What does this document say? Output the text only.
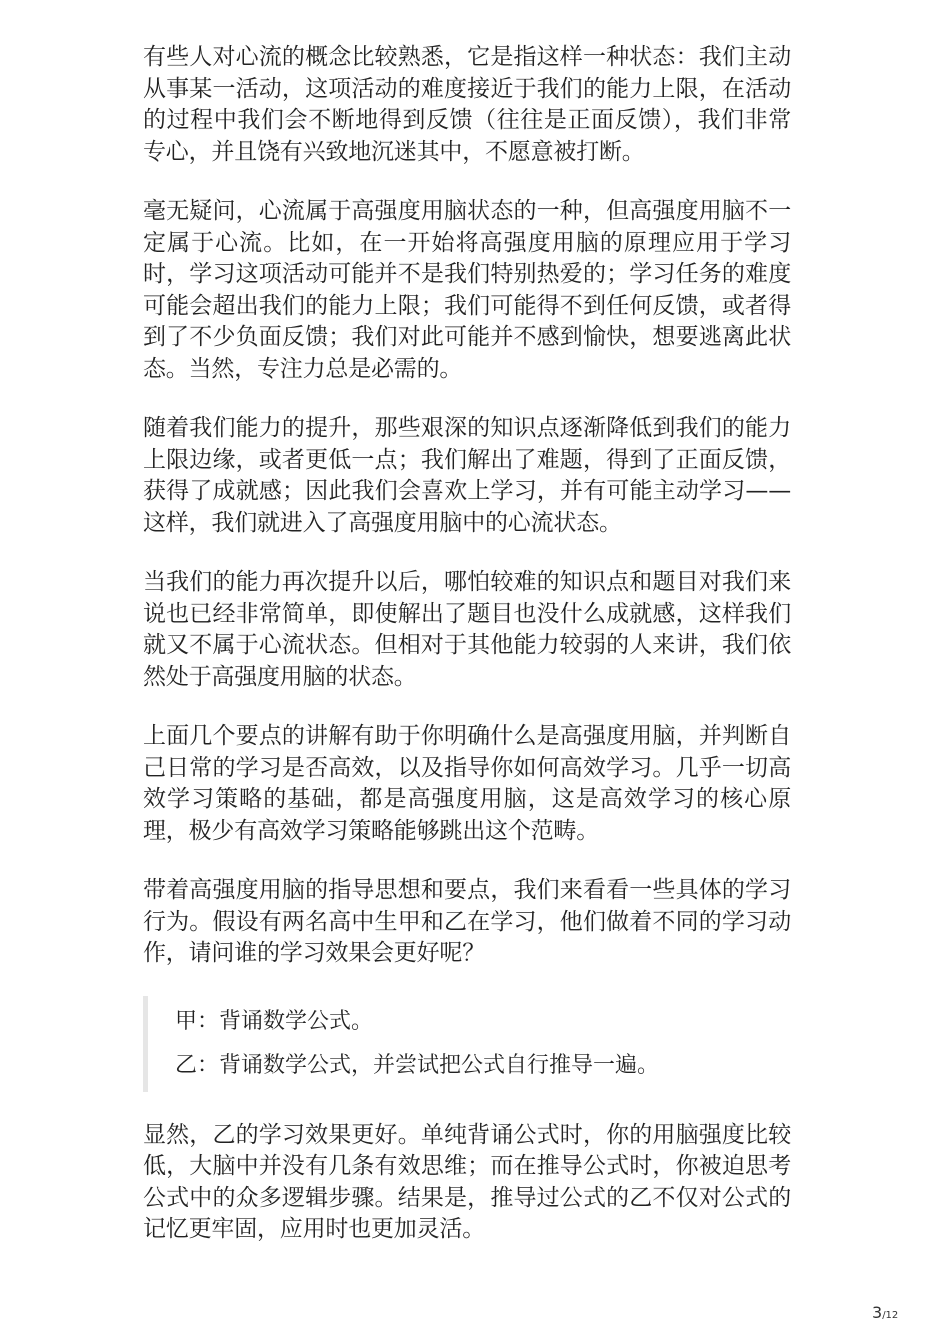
有些人对心流的概念比较熟悉，它是指这样一种状态：我们主动从事某一活动，这项活动的难度接近于我们的能力上限，在活动的过程中我们会不断地得到反馈（往往是正面反馈），我们非常专心，并且饶有兴致地沉迷其中，不愿意被打断。

毫无疑问，心流属于高强度用脑状态的一种，但高强度用脑不一定属于心流。比如，在一开始将高强度用脑的原理应用于学习时，学习这项活动可能并不是我们特别热爱的；学习任务的难度可能会超出我们的能力上限；我们可能得不到任何反馈，或者得到了不少负面反馈；我们对此可能并不感到愉快，想要逃离此状态。当然，专注力总是必需的。

随着我们能力的提升，那些艰深的知识点逐渐降低到我们的能力上限边缘，或者更低一点；我们解出了难题，得到了正面反馈，获得了成就感；因此我们会喜欢上学习，并有可能主动学习——这样，我们就进入了高强度用脑中的心流状态。

当我们的能力再次提升以后，哪怕较难的知识点和题目对我们来说也已经非常简单，即使解出了题目也没什么成就感，这样我们就又不属于心流状态。但相对于其他能力较弱的人来讲，我们依然处于高强度用脑的状态。

上面几个要点的讲解有助于你明确什么是高强度用脑，并判断自己日常的学习是否高效，以及指导你如何高效学习。几乎一切高效学习策略的基础，都是高强度用脑，这是高效学习的核心原理，极少有高效学习策略能够跳出这个范畴。

带着高强度用脑的指导思想和要点，我们来看看一些具体的学习行为。假设有两名高中生甲和乙在学习，他们做着不同的学习动作，请问谁的学习效果会更好呢？

甲：背诵数学公式。

乙：背诵数学公式，并尝试把公式自行推导一遍。

显然，乙的学习效果更好。单纯背诵公式时，你的用脑强度比较低，大脑中并没有几条有效思维；而在推导公式时，你被迫思考公式中的众多逻辑步骤。结果是，推导过公式的乙不仅对公式的记忆更牢固，应用时也更加灵活。

3/12
